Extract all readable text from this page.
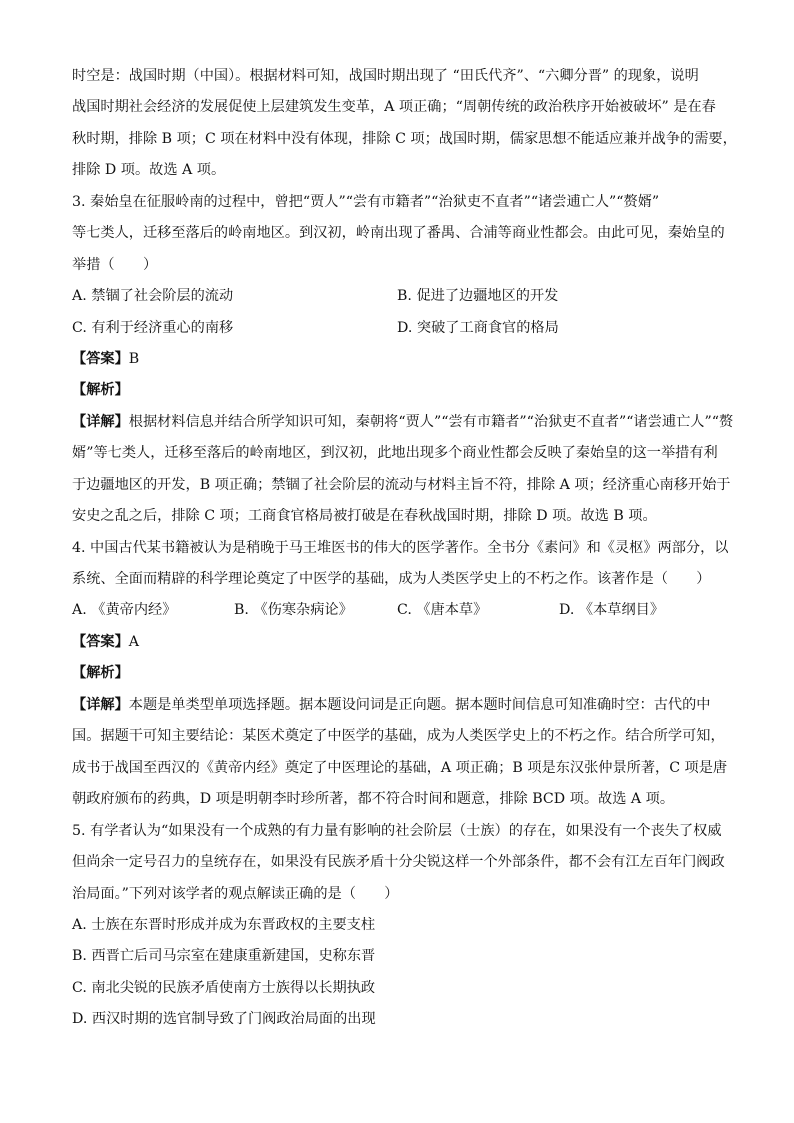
时空是：战国时期（中国）。根据材料可知，战国时期出现了 “田氏代齐”、“六卿分晋” 的现象，说明
战国时期社会经济的发展促使上层建筑发生变革，A 项正确；“周朝传统的政治秩序开始被破坏” 是在春
秋时期，排除 B 项；C 项在材料中没有体现，排除 C 项；战国时期，儒家思想不能适应兼并战争的需要，
排除 D 项。故选 A 项。
3. 秦始皇在征服岭南的过程中，曾把“贾人”“尝有市籍者”“治狱吏不直者”“诸尝逋亡人”“赘婿”
等七类人，迁移至落后的岭南地区。到汉初，岭南出现了番禺、合浦等商业性都会。由此可见，秦始皇的
举措（　　）
A. 禁锢了社会阶层的流动	B. 促进了边疆地区的开发
C. 有利于经济重心的南移	D. 突破了工商食官的格局
【答案】B
【解析】
【详解】根据材料信息并结合所学知识可知，秦朝将“贾人”“尝有市籍者”“治狱吏不直者”“诸尝逋亡人”“赘
婿”等七类人，迁移至落后的岭南地区，到汉初，此地出现多个商业性都会反映了秦始皇的这一举措有利
于边疆地区的开发，B 项正确；禁锢了社会阶层的流动与材料主旨不符，排除 A 项；经济重心南移开始于
安史之乱之后，排除 C 项；工商食官格局被打破是在春秋战国时期，排除 D 项。故选 B 项。
4. 中国古代某书籍被认为是稍晚于马王堆医书的伟大的医学著作。全书分《素问》和《灵枢》两部分，以
系统、全面而精辟的科学理论奠定了中医学的基础，成为人类医学史上的不朽之作。该著作是（　　）
A. 《黄帝内经》	B. 《伤寒杂病论》	C. 《唐本草》	D. 《本草纲目》
【答案】A
【解析】
【详解】本题是单类型单项选择题。据本题设问词是正向题。据本题时间信息可知准确时空：古代的中
国。据题干可知主要结论：某医术奠定了中医学的基础，成为人类医学史上的不朽之作。结合所学可知，
成书于战国至西汉的《黄帝内经》奠定了中医理论的基础，A 项正确；B 项是东汉张仲景所著，C 项是唐
朝政府颁布的药典，D 项是明朝李时珍所著，都不符合时间和题意，排除 BCD 项。故选 A 项。
5. 有学者认为“如果没有一个成熟的有力量有影响的社会阶层（士族）的存在，如果没有一个丧失了权威
但尚余一定号召力的皇统存在，如果没有民族矛盾十分尖锐这样一个外部条件，都不会有江左百年门阀政
治局面。”下列对该学者的观点解读正确的是（　　）
A. 士族在东晋时形成并成为东晋政权的主要支柱
B. 西晋亡后司马宗室在建康重新建国，史称东晋
C. 南北尖锐的民族矛盾使南方士族得以长期执政
D. 西汉时期的选官制导致了门阀政治局面的出现
